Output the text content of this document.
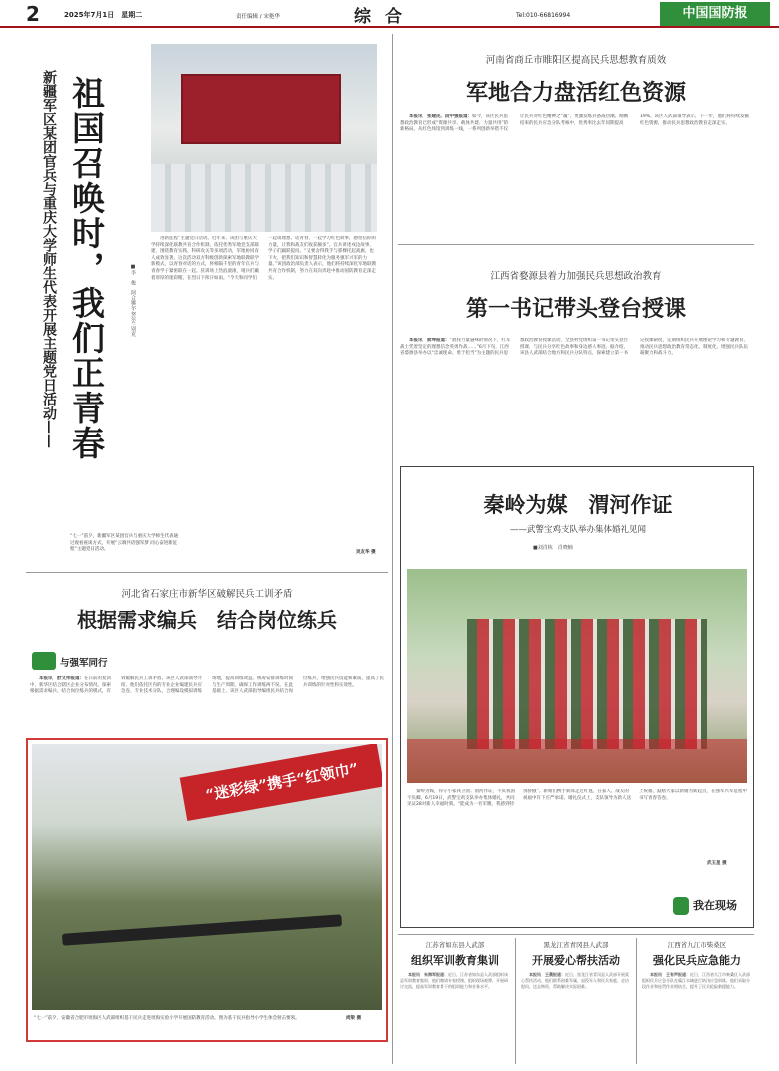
2	2025年7月1日　星期二	责任编辑 / 宋艳华	综合	Tel:010-66816994	中国国防报
新疆军区某团官兵与重庆大学师生代表开展主题党日活动—— 祖国召唤时，我们正青春	进新征程”主题党日活动。近年来，该团与重庆大学持续深化联教共育合作机制，依托优秀军地党支部联建，围绕教育实践、科研攻关等多项活动，军地协同育人成效显著。这次活动双方科级创新探索军地联教联学新模式，以青春对话的方式，将相隔千里的青年官兵与青春学子紧密联在一起。驻训场上热浪滚滚，哨兵们戴着厚厚的迷彩帽，在烈日下挥汗如雨。“今天和同学们一起谈理想、话青春，一起学习红色故事，感悟信仰的力量，让我和战友们收获颇多”。官兵讲述戍边故事，学子们踊跃提问。“又要舍得我手与那棵托起战旗，也下火，把我们知识和智慧转化为服务强军兴军的力量。”该团政治部负责人表示，他们将持续深化军地联教共育合作机制，努力在双向奔赴中推动国防教育走深走实。
■李　俊　阿合娜尔·努尔兰别克
“七一”前夕，新疆军区某团官兵与重庆大学师生代表通过观看座谈方式，开展“云端共话强军梦 同心奋进新征程”主题党日活动。
吴友华 摄
河南省商丘市睢阳区提高民兵思想教育质效
军地合力盘活红色资源
本报讯　张建民、段中强报道：如今，该区民兵思想政治教育已形成“资源共享、载体共建、力量共用”的新格局。从红色场馆到训练一线，一系列创新举措不仅让民兵对红色精神之“魂”、更激发练兵备战热潮。刚刚结束的民兵应急分队考核中，优秀率比去年同期提高19%。该区人武部领导表示，下一步，他们将持续发掘红色资源，推动民兵思想政治教育走深走实。
江西省婺源县着力加强民兵思想政治教育
第一书记带头登台授课
本报讯　俞坤报道：“敌我力量悬殊的情况下，红军战士凭着坚定的理想信念英勇作战……”6月下旬，江西省婺源县举办以“忠诚使命、勇于担当”为主题的民兵思想政治教育授课活动，全县村党组织第一书记带头登台授课，与民兵分享红色故事和身边感人事迹。据介绍，该县人武部结合地方和民兵分队特点，探索建立第一书记授课制度，定期组织民兵开展理论学习和专题教育，推动民兵思想政治教育常态化、制度化，增强民兵队伍凝聚力和战斗力。
秦岭为媒　渭河作证
——武警宝鸡支队举办集体婚礼见闻
■刘肖栋　肖晓楠
秦岭为媒，你守小家我卫国；渭河作证，不负我国不负卿。6月19日，武警宝鸡支队举办集体婚礼，共同见证28对新人幸福时刻。“能成为一名军嫂，我感到特别骄傲”。新娘们携手新郎走过红毯，在家人、战友的祝福中许下庄严承诺。婚礼仪式上，支队领导为新人送上祝福，鼓励大家以新婚为新起点，在强军兴军征程中书写青春答卷。
武玉星 摄
我在现场
河北省石家庄市新华区破解民兵工训矛盾
根据需求编兵　结合岗位练兵
与强军同行
本报讯　舒文伟报道：在日前的复训中，新华区结合辖区企业分布情况，探索根据需求编兵、结合岗位练兵的模式，有效破解民兵工训矛盾。该区人武部领导介绍，他们依托区内的专业企业编建民兵应急连、专业技术分队，合理编设模拟训练场地，提高训练效益。统筹安排训练时间与生产周期，确保工作训练两不误。在此基础上，该区人武部指导编组民兵结合岗位练兵，增强民兵技能和素质，提高了民兵训练的针对性和实效性。
“迷彩绿”携手“红领巾”
“七一”前夕，安徽省合肥市瑶海区人武部组织基干民兵走进瑶海实验小学开展国防教育活动。图为基干民兵指导小学生体会射击要领。	尚梁 摄
江苏省如东县人武部
组织军训教育集训
本报讯　朱海军报道：近日，江苏省如东县人武部组织该县军训教育集训，他们邀请专家授课、组织现场观摩、开展研讨交流，提高军训教育骨干的组训能力和业务水平。
黑龙江省青冈县人武部
开展爱心帮扶活动
本报讯　王晨报道：近日，黑龙江省青冈县人武部开展爱心帮扶活动，他们联系困难军属、退役军人和民兵家庭，走访慰问、送去物资，帮助解决实际困难。
江西省九江市柴桑区
强化民兵应急能力
本报讯　王有声报道：近日，江西省九江市柴桑区人武部组织民兵应急分队在赣江水域进行防汛应急训练，他们采取分段作业和连贯作业相结合，提升了民兵抢险救援能力。
